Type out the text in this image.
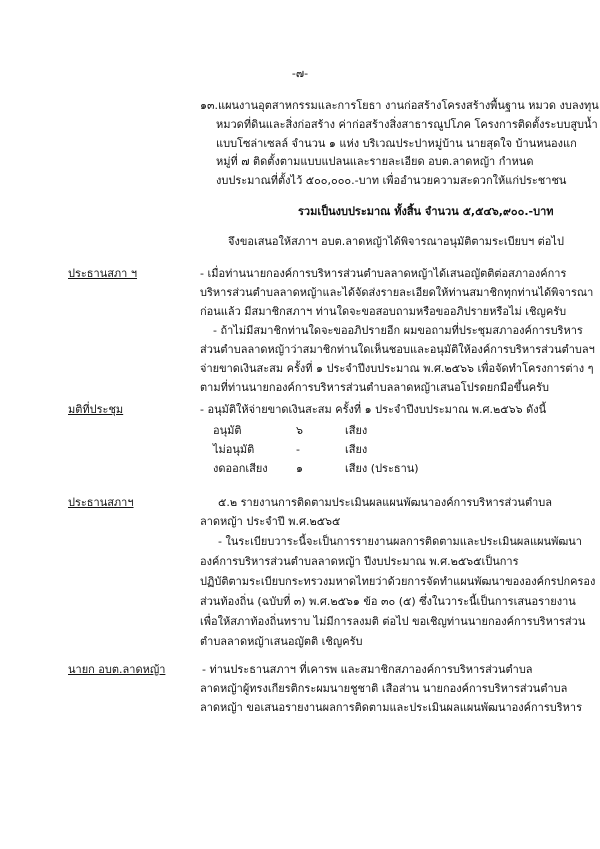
-๗-
๑๓.แผนงานอุตสาหกรรมและการโยธา งานก่อสร้างโครงสร้างพื้นฐาน หมวด งบลงทุน
หมวดที่ดินและสิ่งก่อสร้าง ค่าก่อสร้างสิ่งสาธารณูปโภค โครงการติดตั้งระบบสูบน้ำ
แบบโซล่าเซลล์ จำนวน ๑ แห่ง บริเวณประปาหมู่บ้าน นายสุดใจ บ้านหนองแก
หมู่ที่ ๗ ติดตั้งตามแบบแปลนและรายละเอียด อบต.ลาดหญ้า กำหนด
งบประมาณที่ตั้งไว้ ๕๐๐,๐๐๐.-บาท เพื่ออำนวยความสะดวกให้แก่ประชาชน
รวมเป็นงบประมาณ ทั้งสิ้น จำนวน ๕,๕๔๖,๙๐๐.-บาท
จึงขอเสนอให้สภาฯ อบต.ลาดหญ้าได้พิจารณาอนุมัติตามระเบียบฯ ต่อไป
ประธานสภา ฯ	- เมื่อท่านนายกองค์การบริหารส่วนตำบลลาดหญ้าได้เสนอญัตติต่อสภาองค์การ
บริหารส่วนตำบลลาดหญ้าและได้จัดส่งรายละเอียดให้ท่านสมาชิกทุกท่านได้พิจารณา
ก่อนแล้ว มีสมาชิกสภาฯ ท่านใดจะขอสอบถามหรือขออภิปรายหรือไม่ เชิญครับ
- ถ้าไม่มีสมาชิกท่านใดจะขออภิปรายอีก ผมขอถามที่ประชุมสภาองค์การบริหาร
ส่วนตำบลลาดหญ้าว่าสมาชิกท่านใดเห็นชอบและอนุมัติให้องค์การบริหารส่วนตำบลฯ
จ่ายขาดเงินสะสม ครั้งที่ ๑ ประจำปีงบประมาณ พ.ศ.๒๕๖๖ เพื่อจัดทำโครงการต่าง ๆ
ตามที่ท่านนายกองค์การบริหารส่วนตำบลลาดหญ้าเสนอโปรดยกมือขึ้นครับ
มติที่ประชุม	- อนุมัติให้จ่ายขาดเงินสะสม ครั้งที่ ๑ ประจำปีงบประมาณ พ.ศ.๒๕๖๖ ดังนี้
อนุมัติ	๖	เสียง
ไม่อนุมัติ	-	เสียง
งดออกเสียง	๑	เสียง (ประธาน)
ประธานสภาฯ	๕.๒ รายงานการติดตามประเมินผลแผนพัฒนาองค์การบริหารส่วนตำบล
ลาดหญ้า ประจำปี พ.ศ.๒๕๖๕
- ในระเบียบวาระนี้จะเป็นการรายงานผลการติดตามและประเมินผลแผนพัฒนา
องค์การบริหารส่วนตำบลลาดหญ้า ปีงบประมาณ พ.ศ.๒๕๖๕เป็นการ
ปฏิบัติตามระเบียบกระทรวงมหาดไทยว่าด้วยการจัดทำแผนพัฒนาขององค์กรปกครอง
ส่วนท้องถิ่น (ฉบับที่ ๓) พ.ศ.๒๕๖๑ ข้อ ๓๐ (๕) ซึ่งในวาระนี้เป็นการเสนอรายงาน
เพื่อให้สภาท้องถิ่นทราบ ไม่มีการลงมติ ต่อไป ขอเชิญท่านนายกองค์การบริหารส่วน
ตำบลลาดหญ้าเสนอญัตติ เชิญครับ
นายก อบต.ลาดหญ้า	- ท่านประธานสภาฯ ที่เคารพ และสมาชิกสภาองค์การบริหารส่วนตำบล
ลาดหญ้าผู้ทรงเกียรติกระผมนายชูชาติ เสือส่าน นายกองค์การบริหารส่วนตำบล
ลาดหญ้า ขอเสนอรายงานผลการติดตามและประเมินผลแผนพัฒนาองค์การบริหาร
